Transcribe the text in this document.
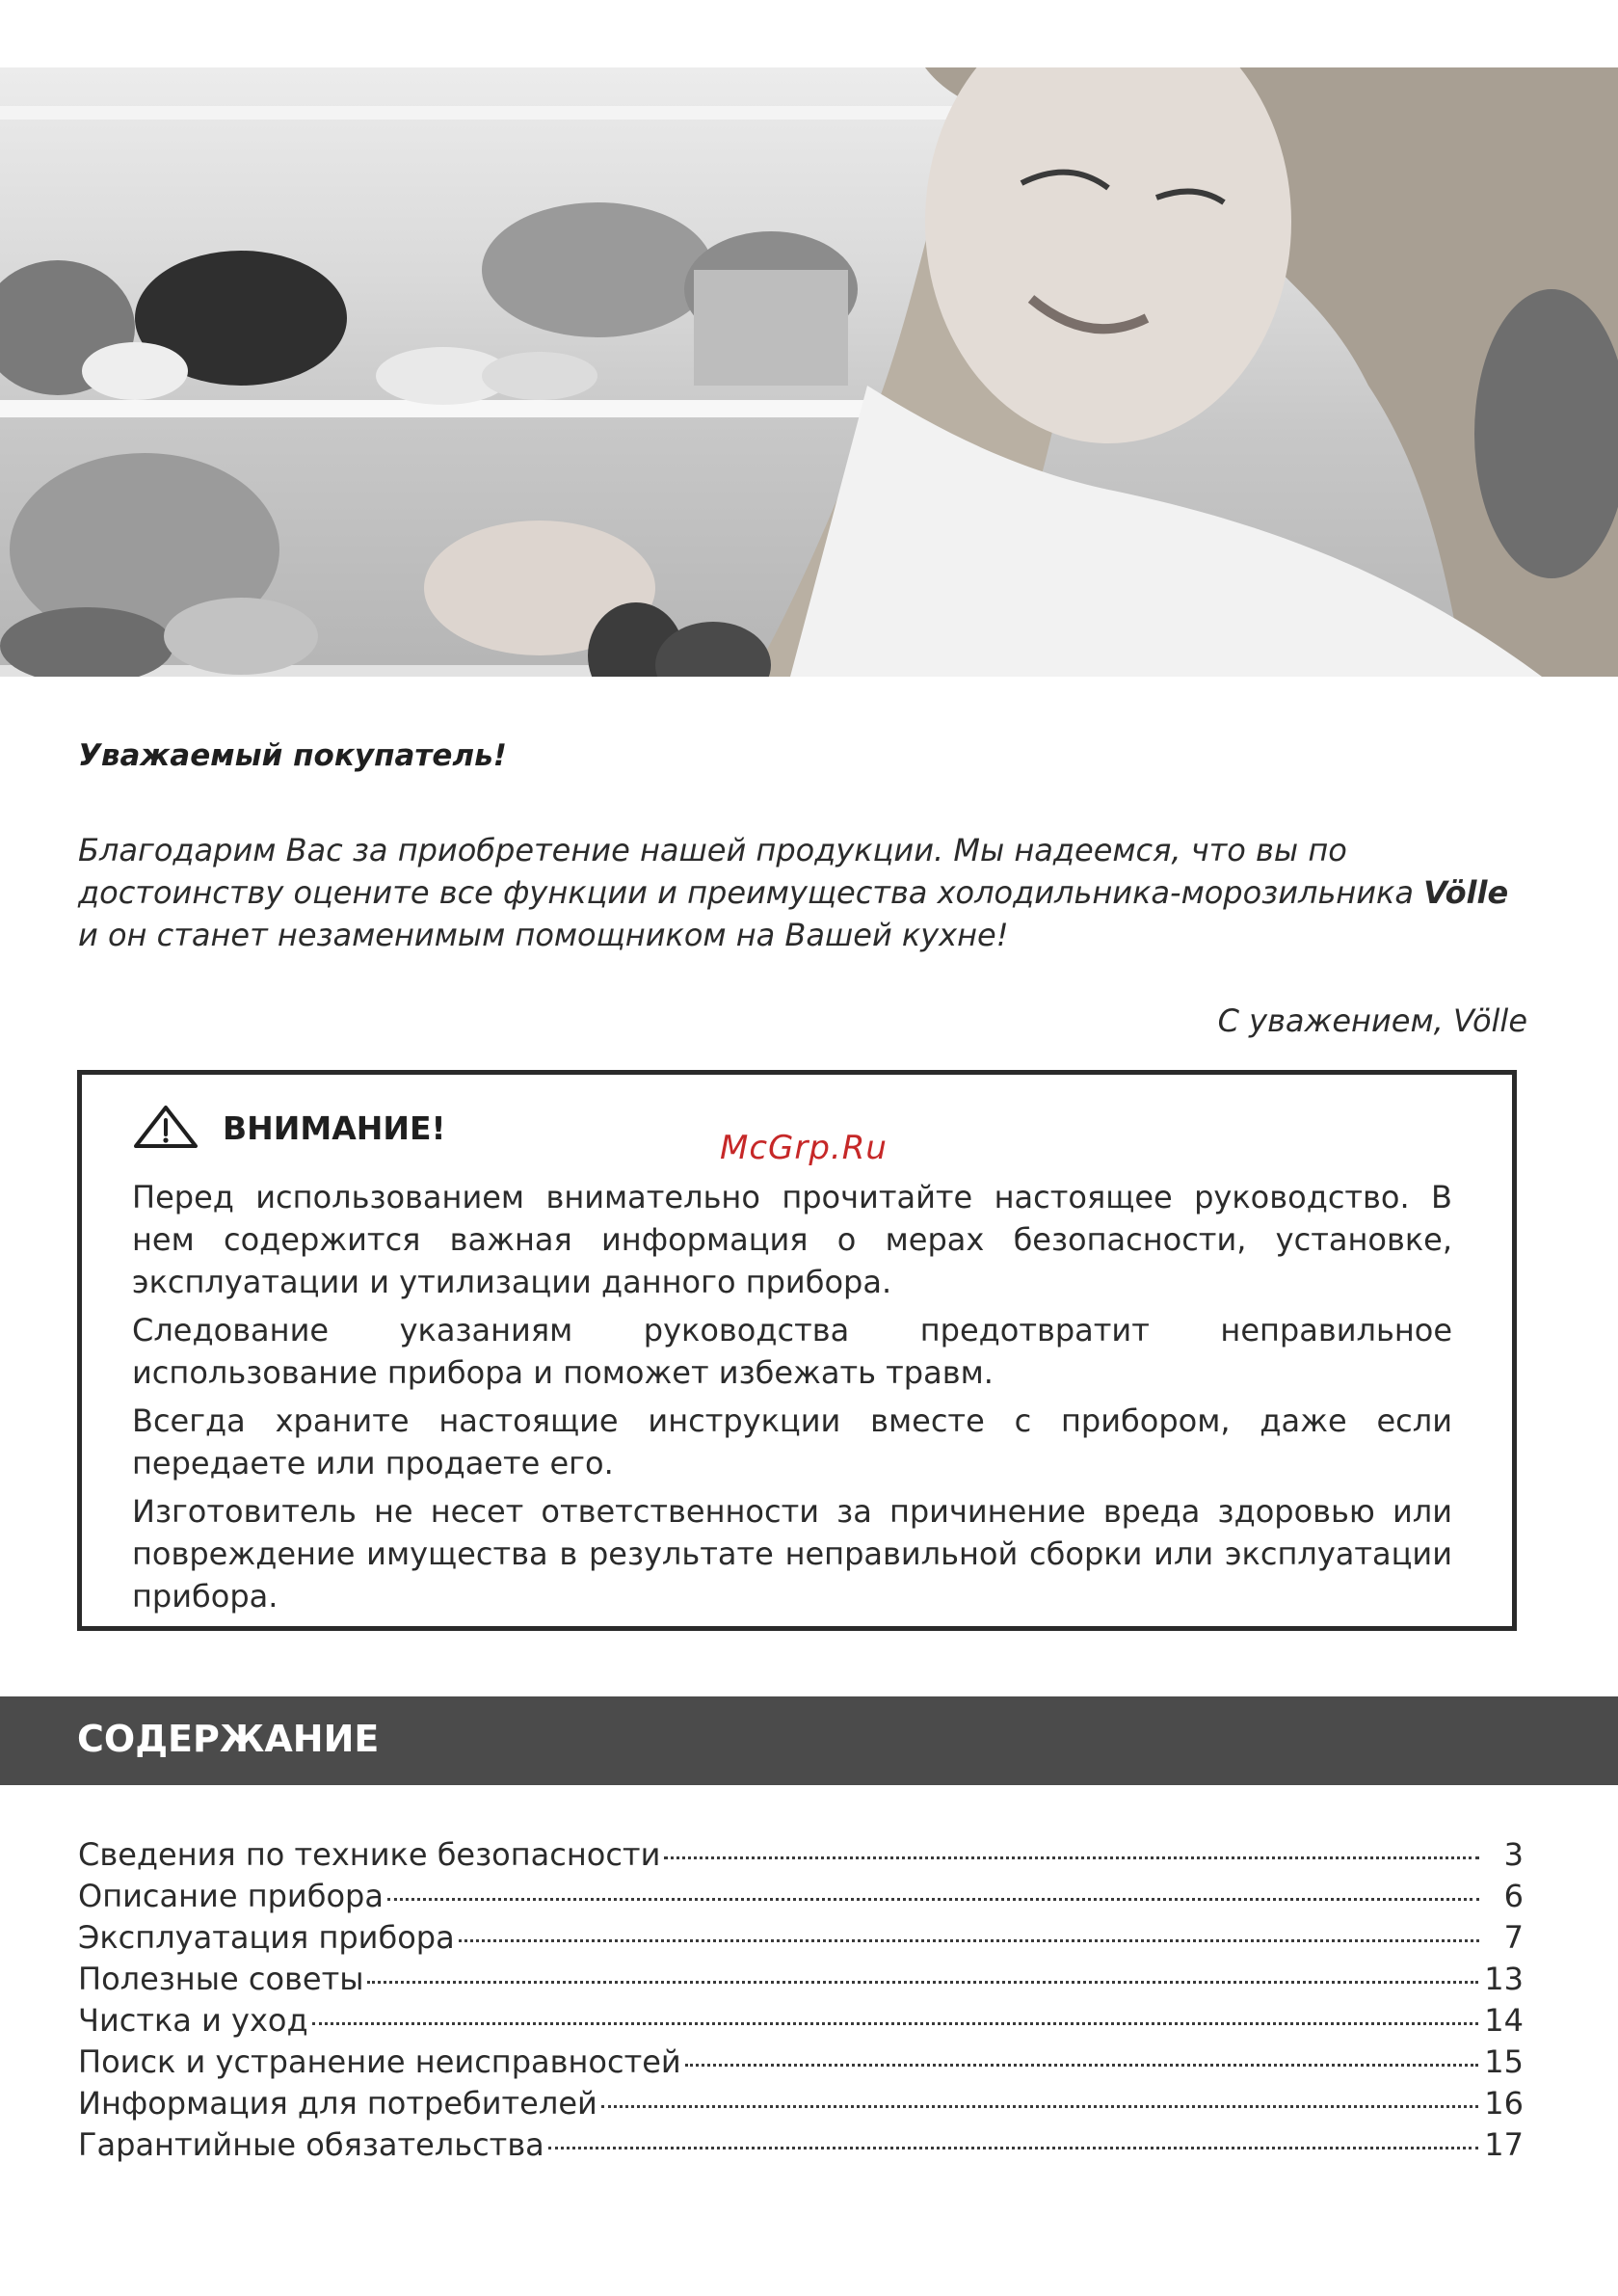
Уважаемый покупатель!

Благодарим Вас за приобретение нашей продукции. Мы надеемся, что вы по достоинству оцените все функции и преимущества холодильника-морозильника Völle и он станет незаменимым помощником на Вашей кухне!

С уважением, Völle

ВНИМАНИЕ!

McGrp.Ru

Перед использованием внимательно прочитайте настоящее руководство. В нем содержится важная информация о мерах безопасности, установке, эксплуатации и утилизации данного прибора.

Следование указаниям руководства предотвратит неправильное использование прибора и поможет избежать травм.

Всегда храните настоящие инструкции вместе с прибором, даже если передаете или продаете его.

Изготовитель не несет ответственности за причинение вреда здоровью или повреждение имущества в результате неправильной сборки или эксплуатации прибора.

СОДЕРЖАНИЕ

Сведения по технике безопасности	3
Описание прибора	6
Эксплуатация прибора	7
Полезные советы	13
Чистка и уход	14
Поиск и устранение неисправностей	15
Информация для потребителей	16
Гарантийные обязательства	17
